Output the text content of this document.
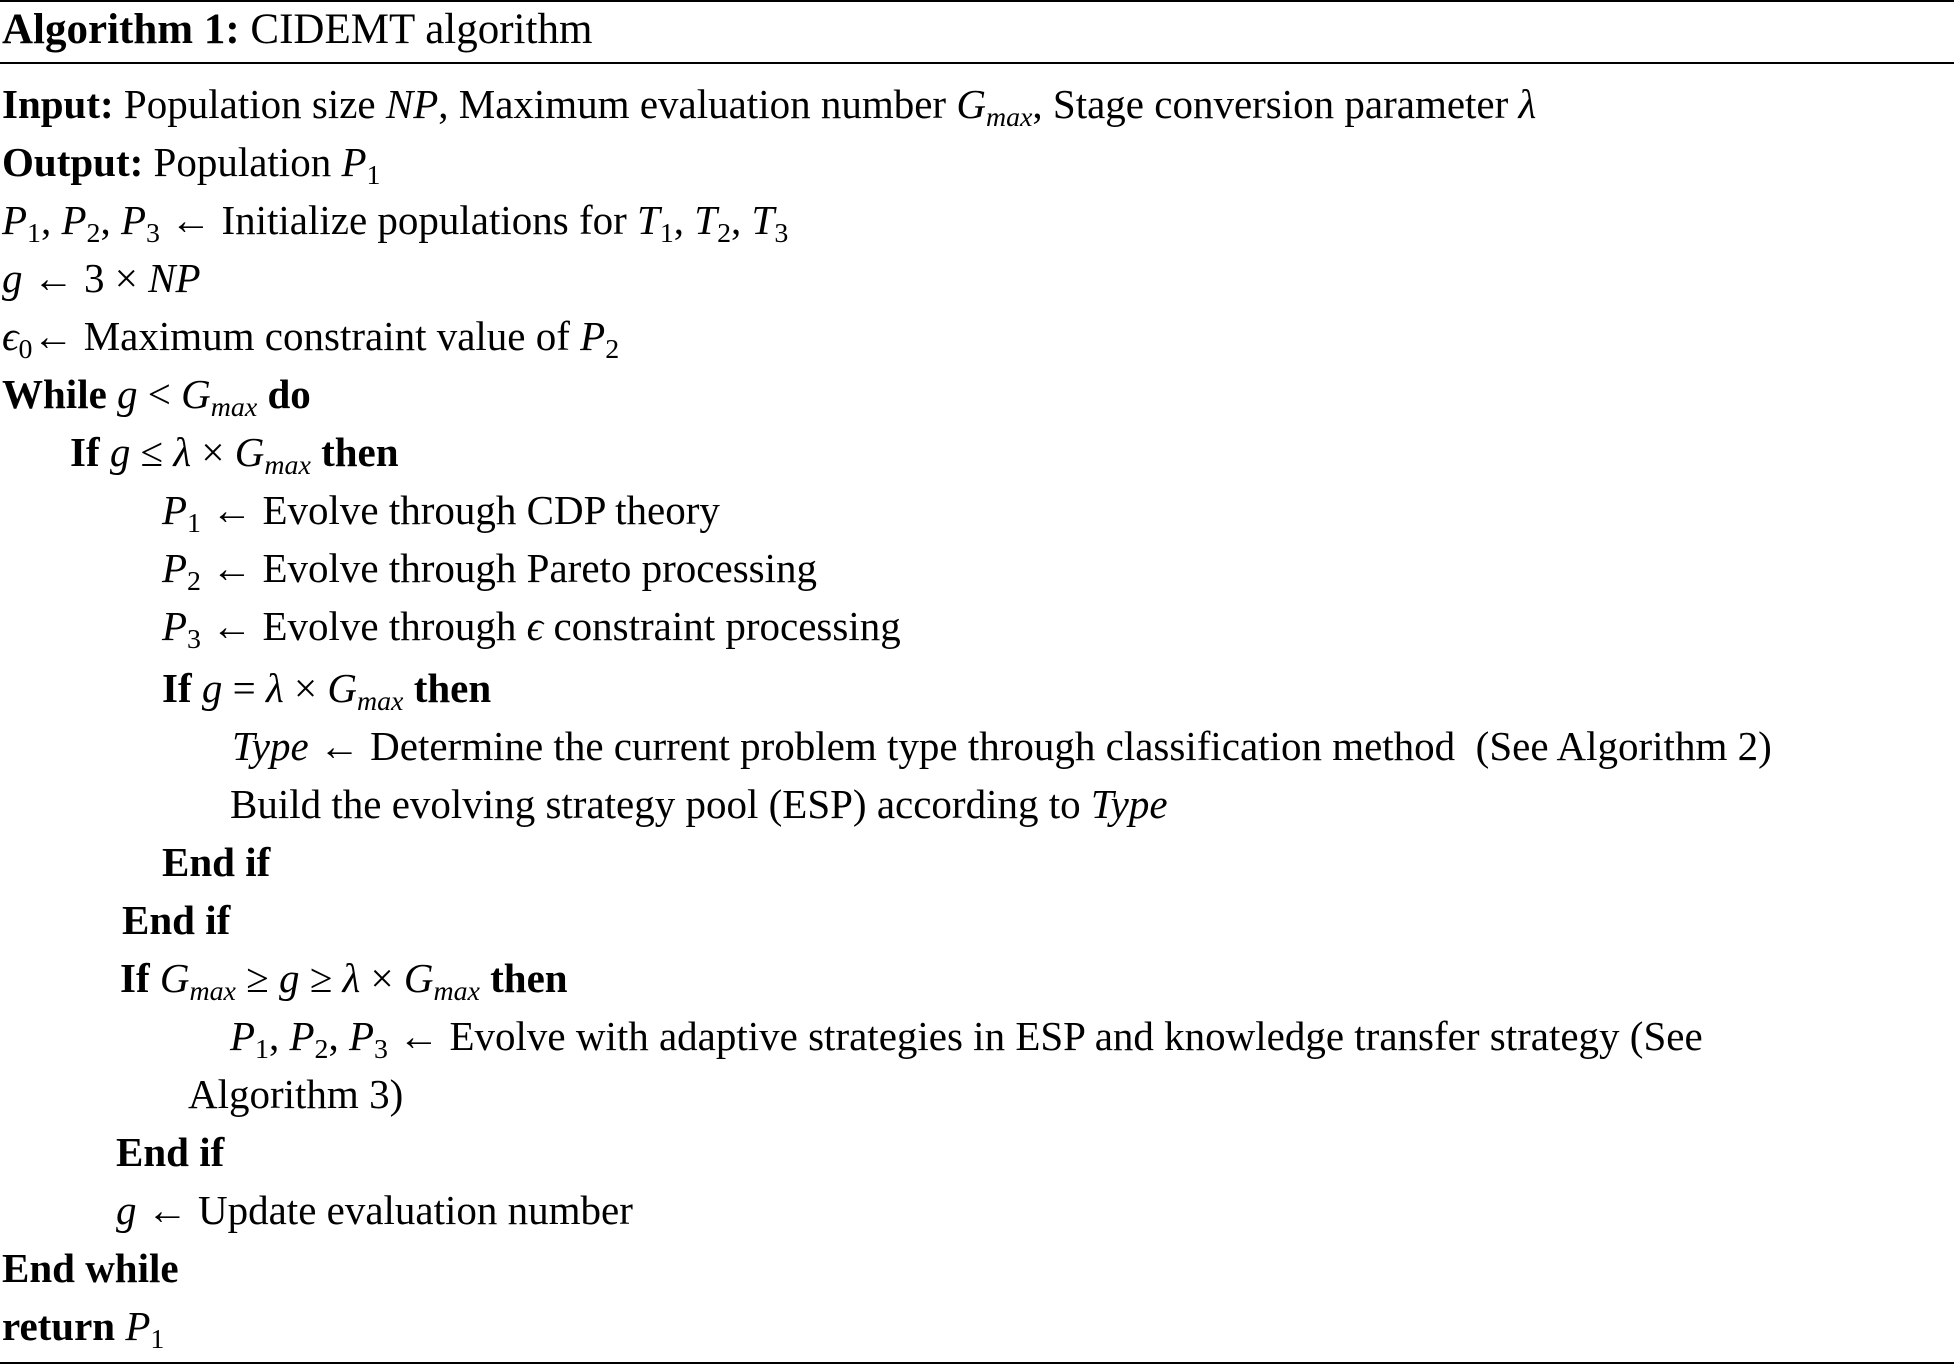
Algorithm 1: CIDEMT algorithm
Input: Population size NP, Maximum evaluation number $G_{max}$, Stage conversion parameter λ
Output: Population $P_1$
$P_1$, $P_2$, $P_3$ ← Initialize populations for $T_1$, $T_2$, $T_3$
g ← 3 × NP
$\epsilon_0\leftarrow$ Maximum constraint value of $P_2$
While $g < G_{max}$ do
If $g \le \lambda \times G_{max}$ then
$P_1$ ← Evolve through CDP theory
$P_2$ ← Evolve through Pareto processing
$P_3$ ← Evolve through ϵ constraint processing
If $g = \lambda \times G_{max}$ then
Type ← Determine the current problem type through classification method  (See Algorithm 2)
Build the evolving strategy pool (ESP) according to Type
End if
End if
If $G_{max} \ge g \ge \lambda \times G_{max}$ then
$P_1$, $P_2$, $P_3$ ← Evolve with adaptive strategies in ESP and knowledge transfer strategy (See
Algorithm 3)
End if
g ← Update evaluation number
End while
return $P_1$
